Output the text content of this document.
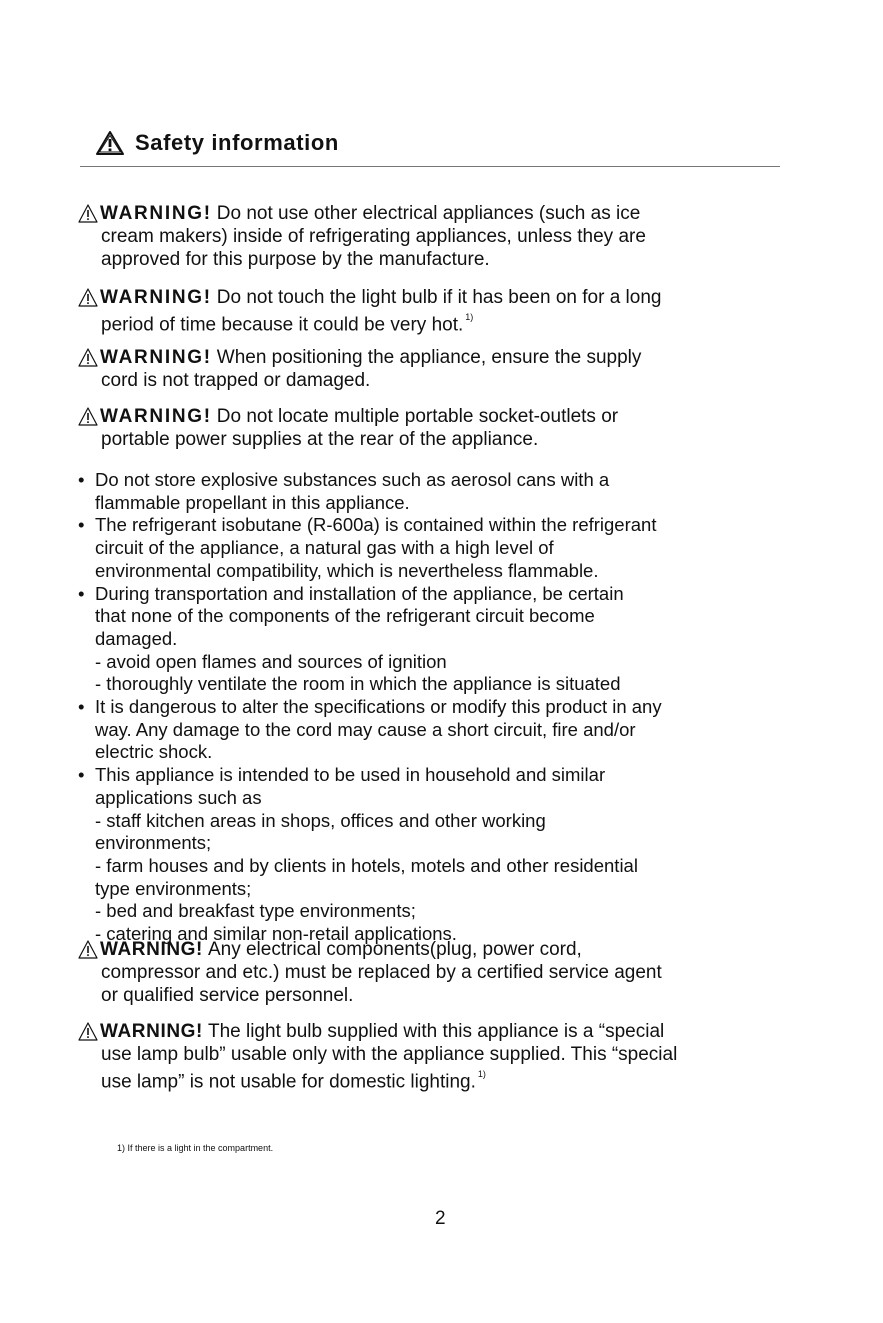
Safety information
WARNING! Do not use other electrical appliances (such as ice
cream makers) inside of refrigerating appliances, unless they are
approved for this purpose by the manufacture.
WARNING! Do not touch the light bulb if it has been on for a long
period of time because it could be very hot. $^{1)}$
WARNING! When positioning the appliance, ensure the supply
cord is not trapped or damaged.
WARNING! Do not locate multiple portable socket-outlets or
portable power supplies at the rear of the appliance.
• Do not store explosive substances such as aerosol cans with a
flammable propellant in this appliance.
• The refrigerant isobutane (R-600a) is contained within the refrigerant
circuit of the appliance, a natural gas with a high level of
environmental compatibility, which is nevertheless flammable.
• During transportation and installation of the appliance, be certain
that none of the components of the refrigerant circuit become
damaged.
- avoid open flames and sources of ignition
- thoroughly ventilate the room in which the appliance is situated
• It is dangerous to alter the specifications or modify this product in any
way. Any damage to the cord may cause a short circuit, fire and/or
electric shock.
• This appliance is intended to be used in household and similar
applications such as
- staff kitchen areas in shops, offices and other working
environments;
- farm houses and by clients in hotels, motels and other residential
type environments;
- bed and breakfast type environments;
- catering and similar non-retail applications.
WARNING! Any electrical components(plug, power cord,
compressor and etc.) must be replaced by a certified service agent
or qualified service personnel.
WARNING! The light bulb supplied with this appliance is a “special
use lamp bulb” usable only with the appliance supplied. This “special
use lamp” is not usable for domestic lighting. $^{1)}$
1) If there is a light in the compartment.
2
